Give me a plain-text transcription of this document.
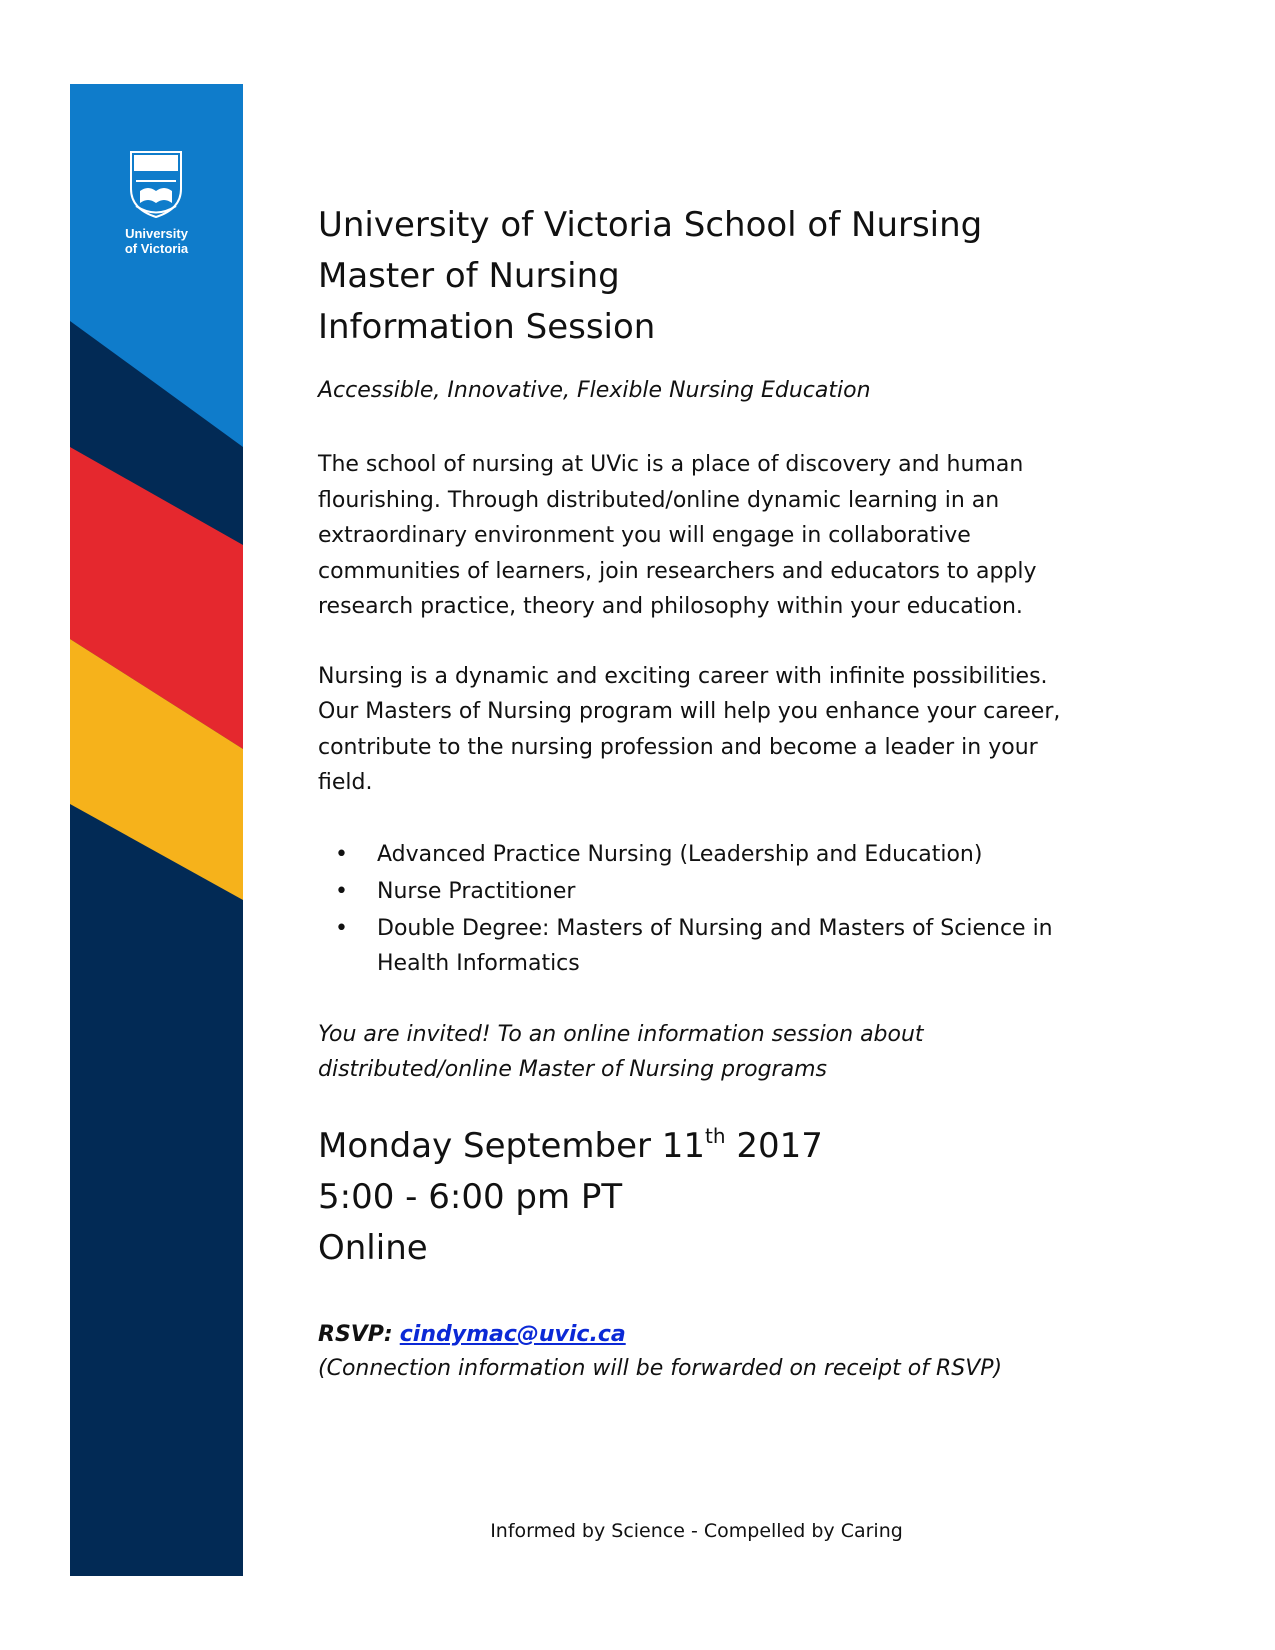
University
of Victoria
University of Victoria School of Nursing
Master of Nursing
Information Session

Accessible, Innovative, Flexible Nursing Education

The school of nursing at UVic is a place of discovery and human flourishing. Through distributed/online dynamic learning in an extraordinary environment you will engage in collaborative communities of learners, join researchers and educators to apply research practice, theory and philosophy within your education.

Nursing is a dynamic and exciting career with infinite possibilities. Our Masters of Nursing program will help you enhance your career, contribute to the nursing profession and become a leader in your field.

• Advanced Practice Nursing (Leadership and Education)
• Nurse Practitioner
• Double Degree: Masters of Nursing and Masters of Science in Health Informatics

You are invited! To an online information session about distributed/online Master of Nursing programs

Monday September 11th 2017
5:00 - 6:00 pm PT
Online
RSVP: cindymac@uvic.ca
(Connection information will be forwarded on receipt of RSVP)
Informed by Science - Compelled by Caring
